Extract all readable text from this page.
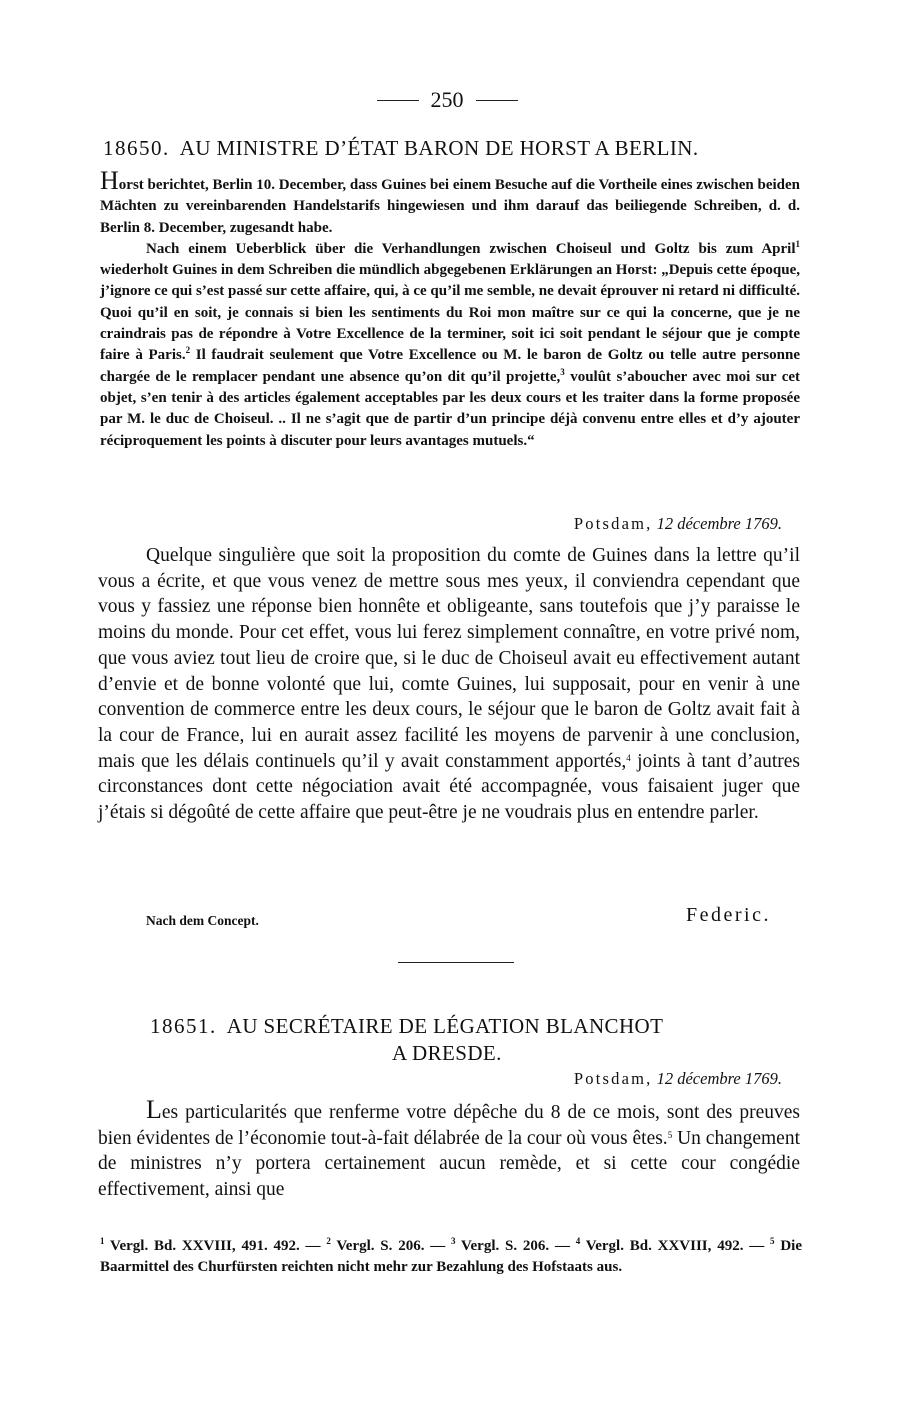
250
18650. AU MINISTRE D’ÉTAT BARON DE HORST A BERLIN.

Horst berichtet, Berlin 10. December, dass Guines bei einem Besuche auf die Vortheile eines zwischen beiden Mächten zu vereinbarenden Handelstarifs hingewiesen und ihm darauf das beiliegende Schreiben, d. d. Berlin 8. December, zugesandt habe.

Nach einem Ueberblick über die Verhandlungen zwischen Choiseul und Goltz bis zum April$^1$ wiederholt Guines in dem Schreiben die mündlich abgegebenen Erklärungen an Horst: „Depuis cette époque, j’ignore ce qui s’est passé sur cette affaire, qui, à ce qu’il me semble, ne devait éprouver ni retard ni difficulté. Quoi qu’il en soit, je connais si bien les sentiments du Roi mon maître sur ce qui la concerne, que je ne craindrais pas de répondre à Votre Excellence de la terminer, soit ici soit pendant le séjour que je compte faire à Paris.$^2$ Il faudrait seulement que Votre Excellence ou M. le baron de Goltz ou telle autre personne chargée de le remplacer pendant une absence qu’on dit qu’il projette,$^3$ voulût s’aboucher avec moi sur cet objet, s’en tenir à des articles également acceptables par les deux cours et les traiter dans la forme proposée par M. le duc de Choiseul. .. Il ne s’agit que de partir d’un principe déjà convenu entre elles et d’y ajouter réciproquement les points à discuter pour leurs avantages mutuels.“

Potsdam, 12 décembre 1769.

Quelque singulière que soit la proposition du comte de Guines dans la lettre qu’il vous a écrite, et que vous venez de mettre sous mes yeux, il conviendra cependant que vous y fassiez une réponse bien honnête et obligeante, sans toutefois que j’y paraisse le moins du monde. Pour cet effet, vous lui ferez simplement connaître, en votre privé nom, que vous aviez tout lieu de croire que, si le duc de Choiseul avait eu effectivement autant d’envie et de bonne volonté que lui, comte Guines, lui supposait, pour en venir à une convention de commerce entre les deux cours, le séjour que le baron de Goltz avait fait à la cour de France, lui en aurait assez facilité les moyens de parvenir à une conclusion, mais que les délais continuels qu’il y avait constamment apportés,$^4$ joints à tant d’autres circonstances dont cette négociation avait été accompagnée, vous faisaient juger que j’étais si dégoûté de cette affaire que peut-être je ne voudrais plus en entendre parler.

Nach dem Concept.	Federic.
18651. AU SECRÉTAIRE DE LÉGATION BLANCHOT
A DRESDE.
Potsdam, 12 décembre 1769.

Les particularités que renferme votre dépêche du 8 de ce mois, sont des preuves bien évidentes de l’économie tout-à-fait délabrée de la cour où vous êtes.$^5$ Un changement de ministres n’y portera certainement aucun remède, et si cette cour congédie effectivement, ainsi que

$^1$ Vergl. Bd. XXVIII, 491. 492. — $^2$ Vergl. S. 206. — $^3$ Vergl. S. 206. — $^4$ Vergl. Bd. XXVIII, 492. — $^5$ Die Baarmittel des Churfürsten reichten nicht mehr zur Bezahlung des Hofstaats aus.
